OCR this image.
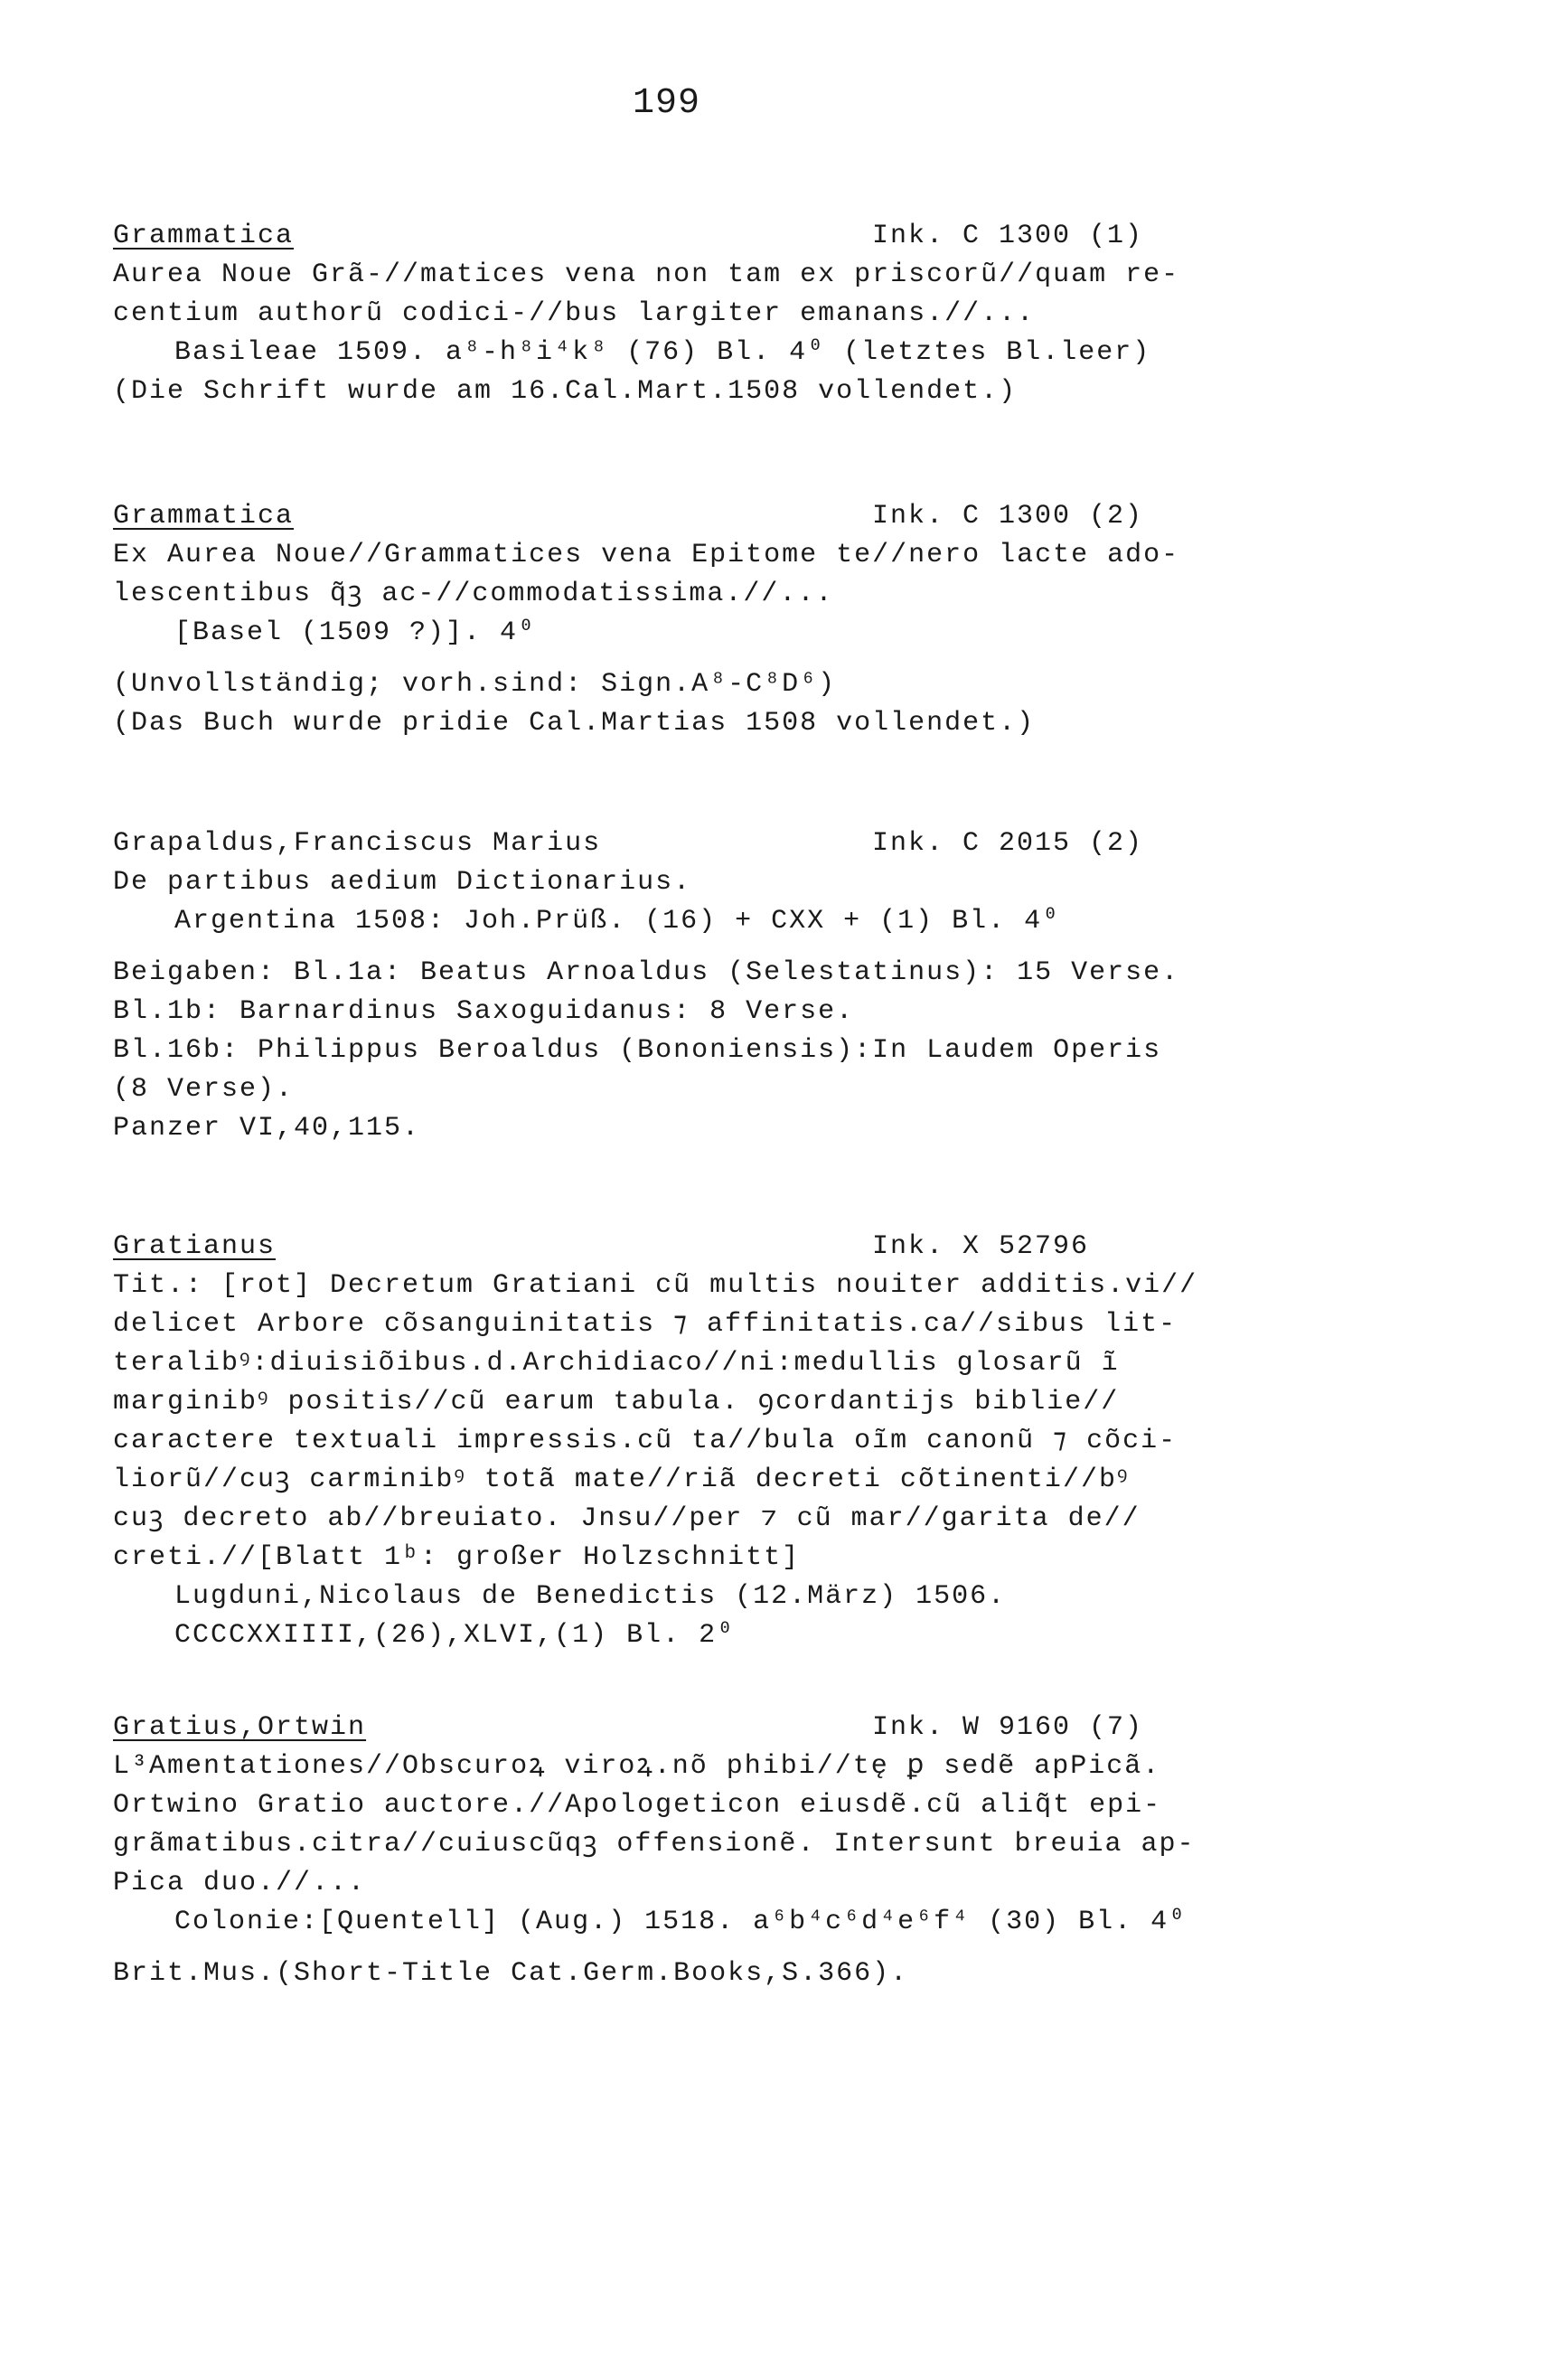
199

Grammatica

	Ink. C 1300 (1)

Aurea Noue Grã-//matices vena non tam ex priscorũ//quam re-
centium authorũ codici-//bus largiter emanans.//...
Basileae 1509. a⁸-h⁸i⁴k⁸ (76) Bl. 4⁰ (letztes Bl.leer)
(Die Schrift wurde am 16.Cal.Mart.1508 vollendet.)

Grammatica

	Ink. C 1300 (2)

Ex Aurea Noue//Grammatices vena Epitome te//nero lacte ado-
lescentibus q̃ꝫ ac-//commodatissima.//...
[Basel (1509 ?)]. 4⁰
(Unvollständig; vorh.sind: Sign.A⁸-C⁸D⁶)
(Das Buch wurde pridie Cal.Martias 1508 vollendet.)

Grapaldus,Franciscus Marius

	Ink. C 2015 (2)

De partibus aedium Dictionarius.
Argentina 1508: Joh.Prüß. (16) + CXX + (1) Bl. 4⁰
Beigaben: Bl.1a: Beatus Arnoaldus (Selestatinus): 15 Verse.
Bl.1b: Barnardinus Saxoguidanus: 8 Verse.
Bl.16b: Philippus Beroaldus (Bononiensis):In Laudem Operis
(8 Verse).
Panzer VI,40,115.

Gratianus

	Ink. X 52796

Tit.: [rot] Decretum Gratiani cũ multis nouiter additis.vi//
delicet Arbore cõsanguinitatis ⁊ affinitatis.ca//sibus lit-
teralibꝰ:diuisiõibus.d.Archidiaco//ni:medullis glosarũ ĩ
marginibꝰ positis//cũ earum tabula. ꝯcordantijs biblie//
caractere textuali impressis.cũ ta//bula oĩm canonũ ⁊ cõci-
liorũ//cuꝫ carminibꝰ totã mate//riã decreti cõtinenti//bꝰ
cuꝫ decreto ab//breuiato. Jnsu//per ⁊ cũ mar//garita de//
creti.//[Blatt 1ᵇ: großer Holzschnitt]
Lugduni,Nicolaus de Benedictis (12.März) 1506.
CCCCXXIIII,(26),XLVI,(1) Bl. 2⁰

Gratius,Ortwin

	Ink. W 9160 (7)

L³Amentationes//Obscuroꝝ viroꝝ.nõ phibi//tę ꝑ sedẽ apPicã.
Ortwino Gratio auctore.//Apologeticon eiusdẽ.cũ aliq̃t epi-
grãmatibus.citra//cuiuscũqꝫ offensionẽ. Intersunt breuia ap-
Pica duo.//...
Colonie:[Quentell] (Aug.) 1518. a⁶b⁴c⁶d⁴e⁶f⁴ (30) Bl. 4⁰
Brit.Mus.(Short-Title Cat.Germ.Books,S.366).
